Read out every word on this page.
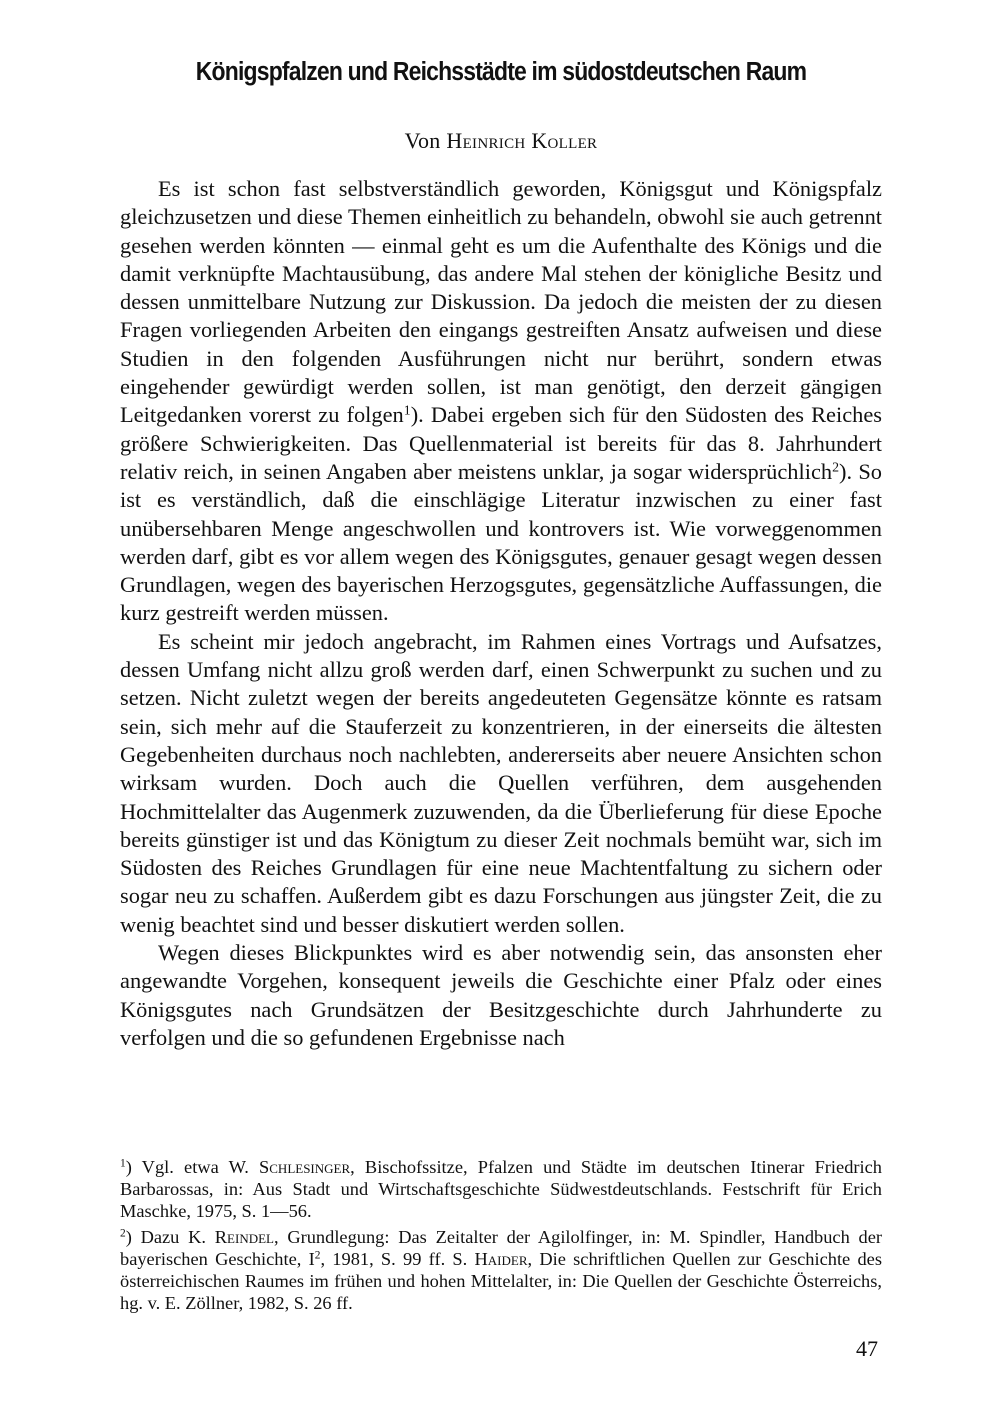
Königspfalzen und Reichsstädte im südostdeutschen Raum
Von Heinrich Koller

Es ist schon fast selbstverständlich geworden, Königsgut und Königspfalz gleichzusetzen und diese Themen einheitlich zu behandeln, obwohl sie auch getrennt gesehen werden könnten — einmal geht es um die Aufenthalte des Königs und die damit verknüpfte Machtausübung, das andere Mal stehen der königliche Besitz und dessen unmittelbare Nutzung zur Diskussion. Da jedoch die meisten der zu diesen Fragen vorliegenden Arbeiten den eingangs gestreiften Ansatz aufweisen und diese Studien in den folgenden Ausführungen nicht nur berührt, sondern etwas eingehender gewürdigt werden sollen, ist man genötigt, den derzeit gängigen Leitgedanken vorerst zu folgen$^1$). Dabei ergeben sich für den Südosten des Reiches größere Schwierigkeiten. Das Quellenmaterial ist bereits für das 8. Jahrhundert relativ reich, in seinen Angaben aber meistens unklar, ja sogar widersprüchlich$^2$). So ist es verständlich, daß die einschlägige Literatur inzwischen zu einer fast unübersehbaren Menge angeschwollen und kontrovers ist. Wie vorweggenommen werden darf, gibt es vor allem wegen des Königsgutes, genauer gesagt wegen dessen Grundlagen, wegen des bayerischen Herzogsgutes, gegensätzliche Auffassungen, die kurz gestreift werden müssen.

Es scheint mir jedoch angebracht, im Rahmen eines Vortrags und Aufsatzes, dessen Umfang nicht allzu groß werden darf, einen Schwerpunkt zu suchen und zu setzen. Nicht zuletzt wegen der bereits angedeuteten Gegensätze könnte es ratsam sein, sich mehr auf die Stauferzeit zu konzentrieren, in der einerseits die ältesten Gegebenheiten durchaus noch nachlebten, andererseits aber neuere Ansichten schon wirksam wurden. Doch auch die Quellen verführen, dem ausgehenden Hochmittelalter das Augenmerk zuzuwenden, da die Überlieferung für diese Epoche bereits günstiger ist und das Königtum zu dieser Zeit nochmals bemüht war, sich im Südosten des Reiches Grundlagen für eine neue Machtentfaltung zu sichern oder sogar neu zu schaffen. Außerdem gibt es dazu Forschungen aus jüngster Zeit, die zu wenig beachtet sind und besser diskutiert werden sollen.

Wegen dieses Blickpunktes wird es aber notwendig sein, das ansonsten eher angewandte Vorgehen, konsequent jeweils die Geschichte einer Pfalz oder eines Königsgutes nach Grundsätzen der Besitzgeschichte durch Jahrhunderte zu verfolgen und die so gefundenen Ergebnisse nach

$^1$) Vgl. etwa W. Schlesinger, Bischofssitze, Pfalzen und Städte im deutschen Itinerar Friedrich Barbarossas, in: Aus Stadt und Wirtschaftsgeschichte Südwestdeutschlands. Festschrift für Erich Maschke, 1975, S. 1—56.

$^2$) Dazu K. Reindel, Grundlegung: Das Zeitalter der Agilolfinger, in: M. Spindler, Handbuch der bayerischen Geschichte, $I^2$, 1981, S. 99 ff. S. Haider, Die schriftlichen Quellen zur Geschichte des österreichischen Raumes im frühen und hohen Mittelalter, in: Die Quellen der Geschichte Österreichs, hg. v. E. Zöllner, 1982, S. 26 ff.

47
